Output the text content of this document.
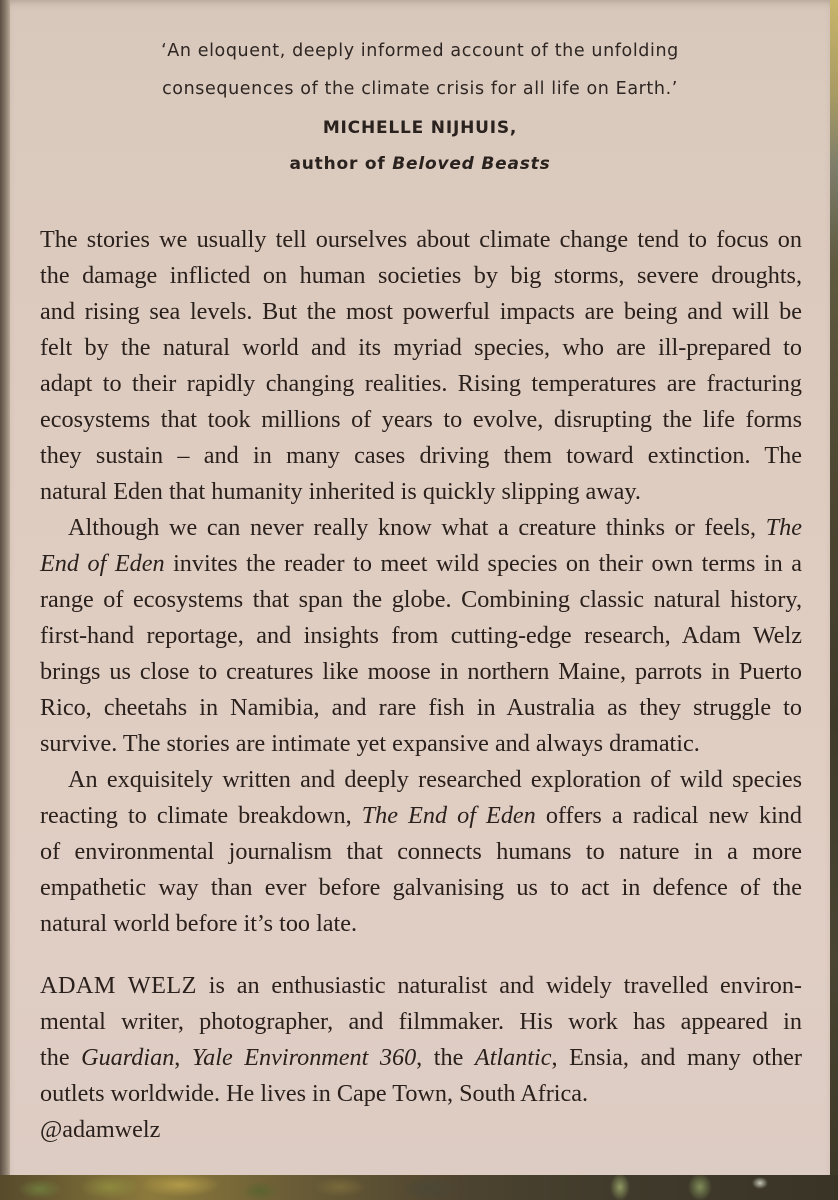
‘An eloquent, deeply informed account of the unfolding
consequences of the climate crisis for all life on Earth.’
MICHELLE NIJHUIS,
author of Beloved Beasts
The stories we usually tell ourselves about climate change tend to focus on
the damage inflicted on human societies by big storms, severe droughts,
and rising sea levels. But the most powerful impacts are being and will be
felt by the natural world and its myriad species, who are ill-prepared to
adapt to their rapidly changing realities. Rising temperatures are fracturing
ecosystems that took millions of years to evolve, disrupting the life forms
they sustain – and in many cases driving them toward extinction. The
natural Eden that humanity inherited is quickly slipping away.
Although we can never really know what a creature thinks or feels, The
End of Eden invites the reader to meet wild species on their own terms in a
range of ecosystems that span the globe. Combining classic natural history,
first-hand reportage, and insights from cutting-edge research, Adam Welz
brings us close to creatures like moose in northern Maine, parrots in Puerto
Rico, cheetahs in Namibia, and rare fish in Australia as they struggle to
survive. The stories are intimate yet expansive and always dramatic.
An exquisitely written and deeply researched exploration of wild species
reacting to climate breakdown, The End of Eden offers a radical new kind
of environmental journalism that connects humans to nature in a more
empathetic way than ever before galvanising us to act in defence of the
natural world before it’s too late.
ADAM WELZ is an enthusiastic naturalist and widely travelled environ-
mental writer, photographer, and filmmaker. His work has appeared in
the Guardian, Yale Environment 360, the Atlantic, Ensia, and many other
outlets worldwide. He lives in Cape Town, South Africa.
@adamwelz
